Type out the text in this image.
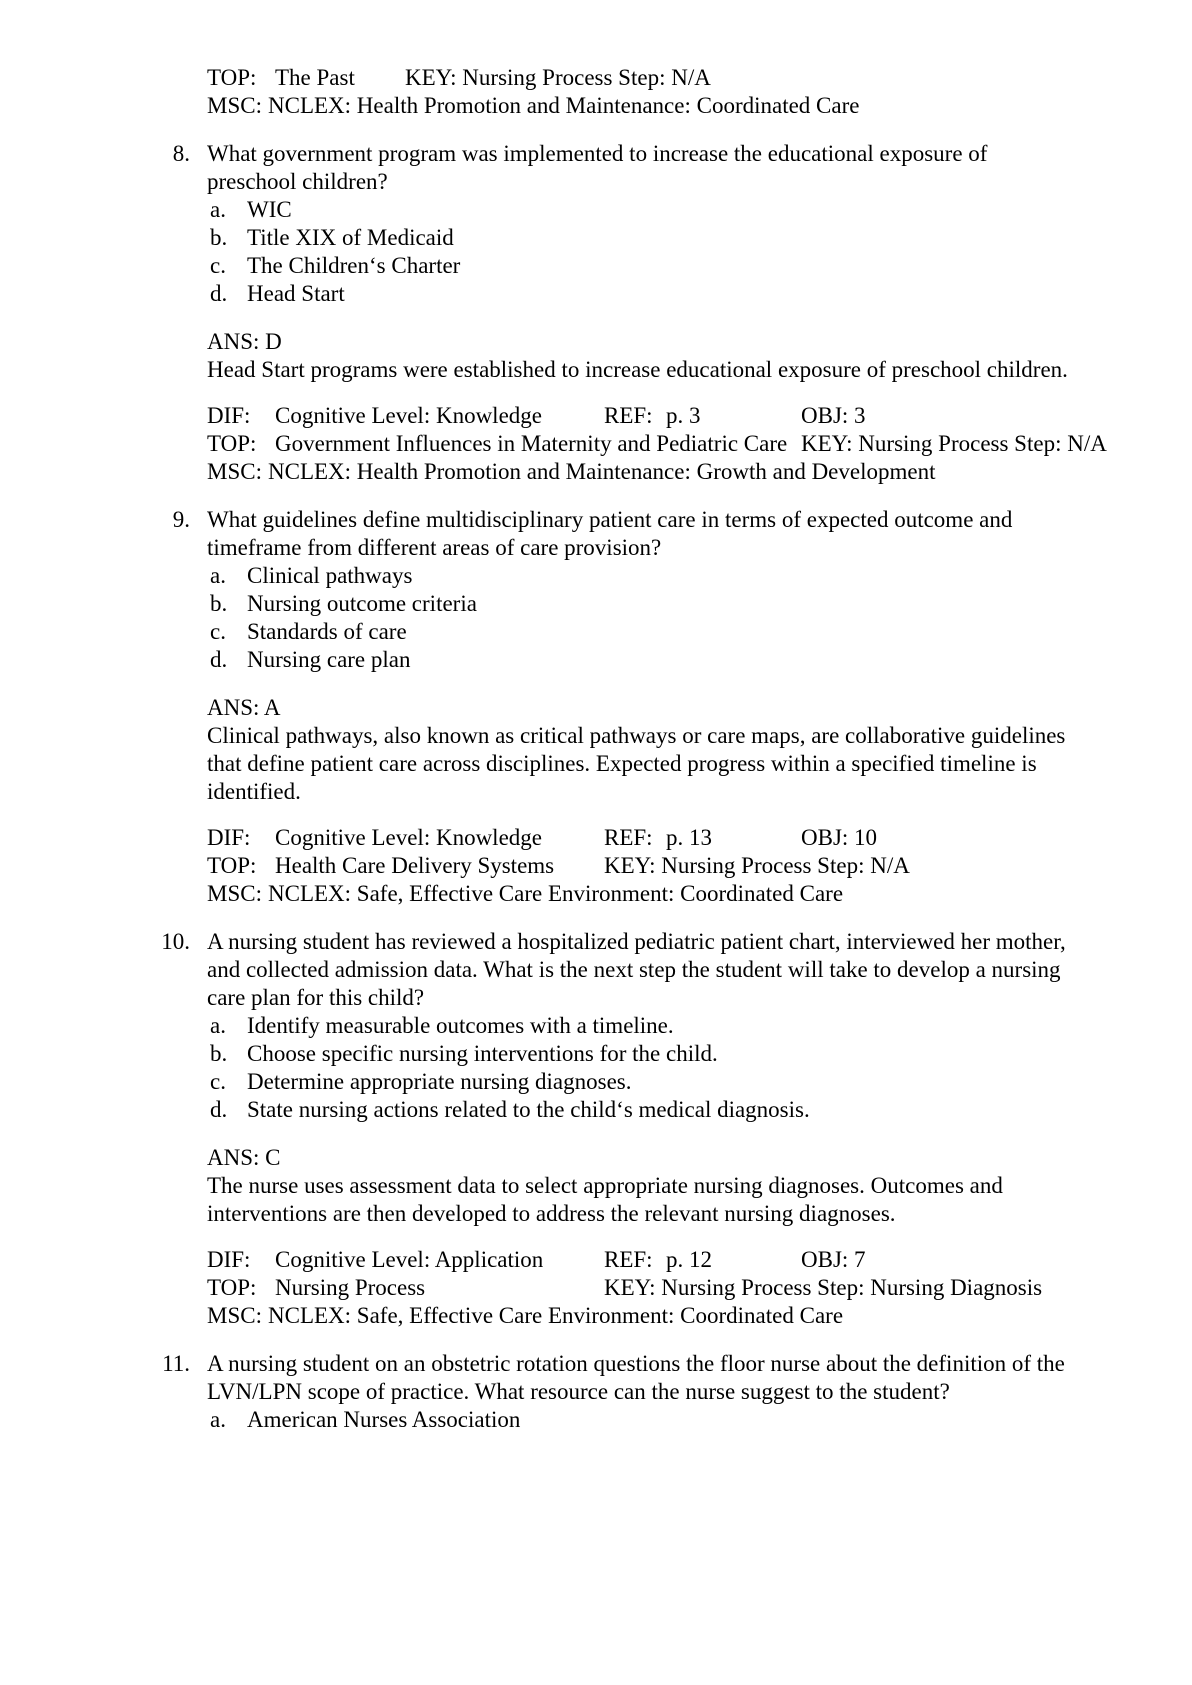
TOP: The Past KEY: Nursing Process Step: N/A
MSC: NCLEX: Health Promotion and Maintenance: Coordinated Care
8. What government program was implemented to increase the educational exposure of
preschool children?
a. WIC
b. Title XIX of Medicaid
c. The Children‘s Charter
d. Head Start
ANS: D
Head Start programs were established to increase educational exposure of preschool children.
DIF: Cognitive Level: Knowledge	REF: p. 3	OBJ: 3
TOP: Government Influences in Maternity and Pediatric Care KEY: Nursing Process Step: N/A
MSC: NCLEX: Health Promotion and Maintenance: Growth and Development
9. What guidelines define multidisciplinary patient care in terms of expected outcome and
timeframe from different areas of care provision?
a. Clinical pathways
b. Nursing outcome criteria
c. Standards of care
d. Nursing care plan
ANS: A
Clinical pathways, also known as critical pathways or care maps, are collaborative guidelines
that define patient care across disciplines. Expected progress within a specified timeline is
identified.
DIF: Cognitive Level: Knowledge	REF: p. 13	OBJ: 10
TOP: Health Care Delivery Systems KEY: Nursing Process Step: N/A
MSC: NCLEX: Safe, Effective Care Environment: Coordinated Care
10. A nursing student has reviewed a hospitalized pediatric patient chart, interviewed her mother,
and collected admission data. What is the next step the student will take to develop a nursing
care plan for this child?
a. Identify measurable outcomes with a timeline.
b. Choose specific nursing interventions for the child.
c. Determine appropriate nursing diagnoses.
d. State nursing actions related to the child‘s medical diagnosis.
ANS: C
The nurse uses assessment data to select appropriate nursing diagnoses. Outcomes and
interventions are then developed to address the relevant nursing diagnoses.
DIF: Cognitive Level: Application	REF: p. 12	OBJ: 7
TOP: Nursing Process	KEY: Nursing Process Step: Nursing Diagnosis
MSC: NCLEX: Safe, Effective Care Environment: Coordinated Care
11. A nursing student on an obstetric rotation questions the floor nurse about the definition of the
LVN/LPN scope of practice. What resource can the nurse suggest to the student?
a. American Nurses Association
